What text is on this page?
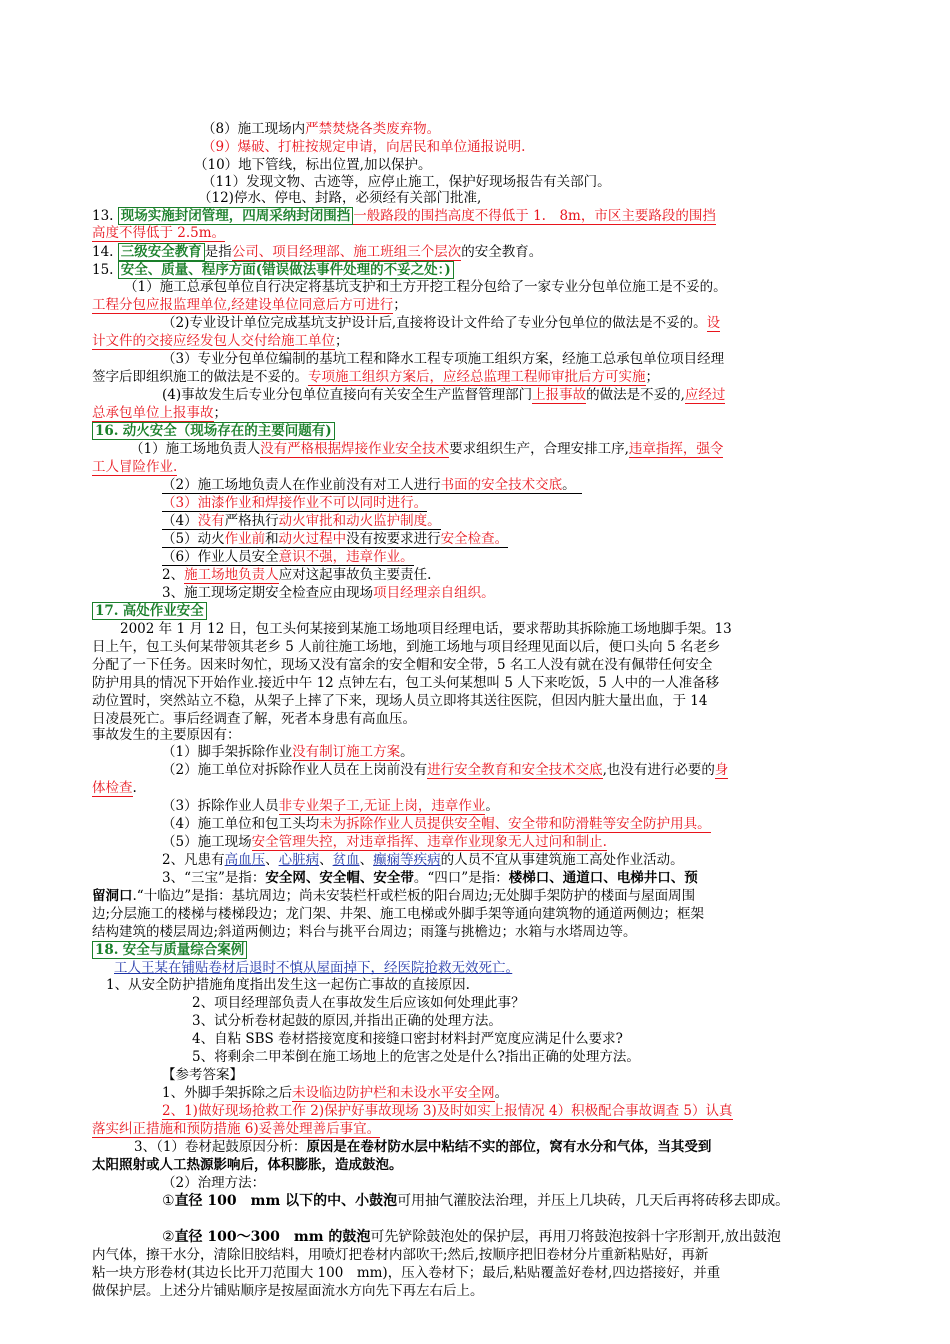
（8）施工现场内严禁焚烧各类废弃物。
（9）爆破、打桩按规定申请，向居民和单位通报说明.
（10）地下管线，标出位置,加以保护。
（11）发现文物、古迹等，应停止施工，保护好现场报告有关部门。
（12)停水、停电、封路，必须经有关部门批准,
13. 现场实施封闭管理，四周采纳封闭围挡 一般路段的围挡高度不得低于 1.　8m，市区主要路段的围挡
高度不得低于 2.5m。
14. 三级安全教育 是指公司、项目经理部、施工班组三个层次的安全教育。
15. 安全、质量、程序方面(错误做法事件处理的不妥之处：)
（1）施工总承包单位自行决定将基坑支护和土方开挖工程分包给了一家专业分包单位施工是不妥的。
工程分包应报监理单位,经建设单位同意后方可进行；
（2)专业设计单位完成基坑支护设计后,直接将设计文件给了专业分包单位的做法是不妥的。设
计文件的交接应经发包人交付给施工单位；
（3）专业分包单位编制的基坑工程和降水工程专项施工组织方案，经施工总承包单位项目经理
签字后即组织施工的做法是不妥的。专项施工组织方案后，应经总监理工程师审批后方可实施；
(4)事故发生后专业分包单位直接向有关安全生产监督管理部门上报事故的做法是不妥的,应经过
总承包单位上报事故；
16. 动火安全（现场存在的主要问题有)
（1）施工场地负责人没有严格根据焊接作业安全技术要求组织生产，合理安排工序,违章指挥，强令
工人冒险作业.
（2）施工场地负责人在作业前没有对工人进行书面的安全技术交底。　
（3）油漆作业和焊接作业不可以同时进行。
（4）没有严格执行动火审批和动火监护制度。
（5）动火作业前和动火过程中没有按要求进行安全检查。
（6）作业人员安全意识不强，违章作业。
2、施工场地负责人应对这起事故负主要责任.
3、施工现场定期安全检查应由现场项目经理亲自组织。
17. 高处作业安全
2002 年 1 月 12 日，包工头何某接到某施工场地项目经理电话，要求帮助其拆除施工场地脚手架。13
日上午，包工头何某带领其老乡 5 人前往施工场地，到施工场地与项目经理见面以后，便口头向 5 名老乡
分配了一下任务。因来时匆忙，现场又没有富余的安全帽和安全带，5 名工人没有就在没有佩带任何安全
防护用具的情况下开始作业.接近中午 12 点钟左右，包工头何某想叫 5 人下来吃饭，5 人中的一人准备移
动位置时，突然站立不稳，从架子上摔了下来，现场人员立即将其送往医院，但因内脏大量出血，于 14
日凌晨死亡。事后经调查了解，死者本身患有高血压。
事故发生的主要原因有：
（1）脚手架拆除作业没有制订施工方案。
（2）施工单位对拆除作业人员在上岗前没有进行安全教育和安全技术交底,也没有进行必要的身
体检查.
（3）拆除作业人员非专业架子工,无证上岗，违章作业。
（4）施工单位和包工头均未为拆除作业人员提供安全帽、安全带和防滑鞋等安全防护用具。
（5）施工现场安全管理失控，对违章指挥、违章作业现象无人过问和制止.
2、凡患有高血压、心脏病、贫血、癫痫等疾病的人员不宜从事建筑施工高处作业活动。
3、“三宝”是指：安全网、安全帽、安全带。“四口”是指：楼梯口、通道口、电梯井口、预
留洞口.“十临边”是指：基坑周边；尚未安装栏杆或栏板的阳台周边;无处脚手架防护的楼面与屋面周围
边;分层施工的楼梯与楼梯段边；龙门架、井架、施工电梯或外脚手架等通向建筑物的通道两侧边；框架
结构建筑的楼层周边;斜道两侧边；料台与挑平台周边；雨篷与挑檐边；水箱与水塔周边等。
18. 安全与质量综合案例
工人王某在铺贴卷材后退时不慎从屋面掉下，经医院抢救无效死亡。　
1、从安全防护措施角度指出发生这一起伤亡事故的直接原因.
2、项目经理部负责人在事故发生后应该如何处理此事？
3、试分析卷材起鼓的原因,并指出正确的处理方法。
4、自粘 SBS 卷材搭接宽度和接缝口密封材料封严宽度应满足什么要求?
5、将剩余二甲苯倒在施工场地上的危害之处是什么?指出正确的处理方法。
【参考答案】
1、外脚手架拆除之后未设临边防护栏和未设水平安全网。
2、1)做好现场抢救工作 2)保护好事故现场 3)及时如实上报情况 4）积极配合事故调查 5）认真
落实纠正措施和预防措施 6)妥善处理善后事宜。
3、（1）卷材起鼓原因分析：原因是在卷材防水层中粘结不实的部位，窝有水分和气体，当其受到
太阳照射或人工热源影响后，体积膨胀，造成鼓泡。
（2）治理方法：
①直径 100　mm 以下的中、小鼓泡可用抽气灌胶法治理，并压上几块砖，几天后再将砖移去即成。
②直径 100～300　mm 的鼓泡可先铲除鼓泡处的保护层，再用刀将鼓泡按斜十字形割开,放出鼓泡
内气体，擦干水分，清除旧胶结料，用喷灯把卷材内部吹干;然后,按顺序把旧卷材分片重新粘贴好，再新
粘一块方形卷材(其边长比开刀范围大 100　mm)，压入卷材下；最后,粘贴覆盖好卷材,四边搭接好，并重
做保护层。上述分片铺贴顺序是按屋面流水方向先下再左右后上。
